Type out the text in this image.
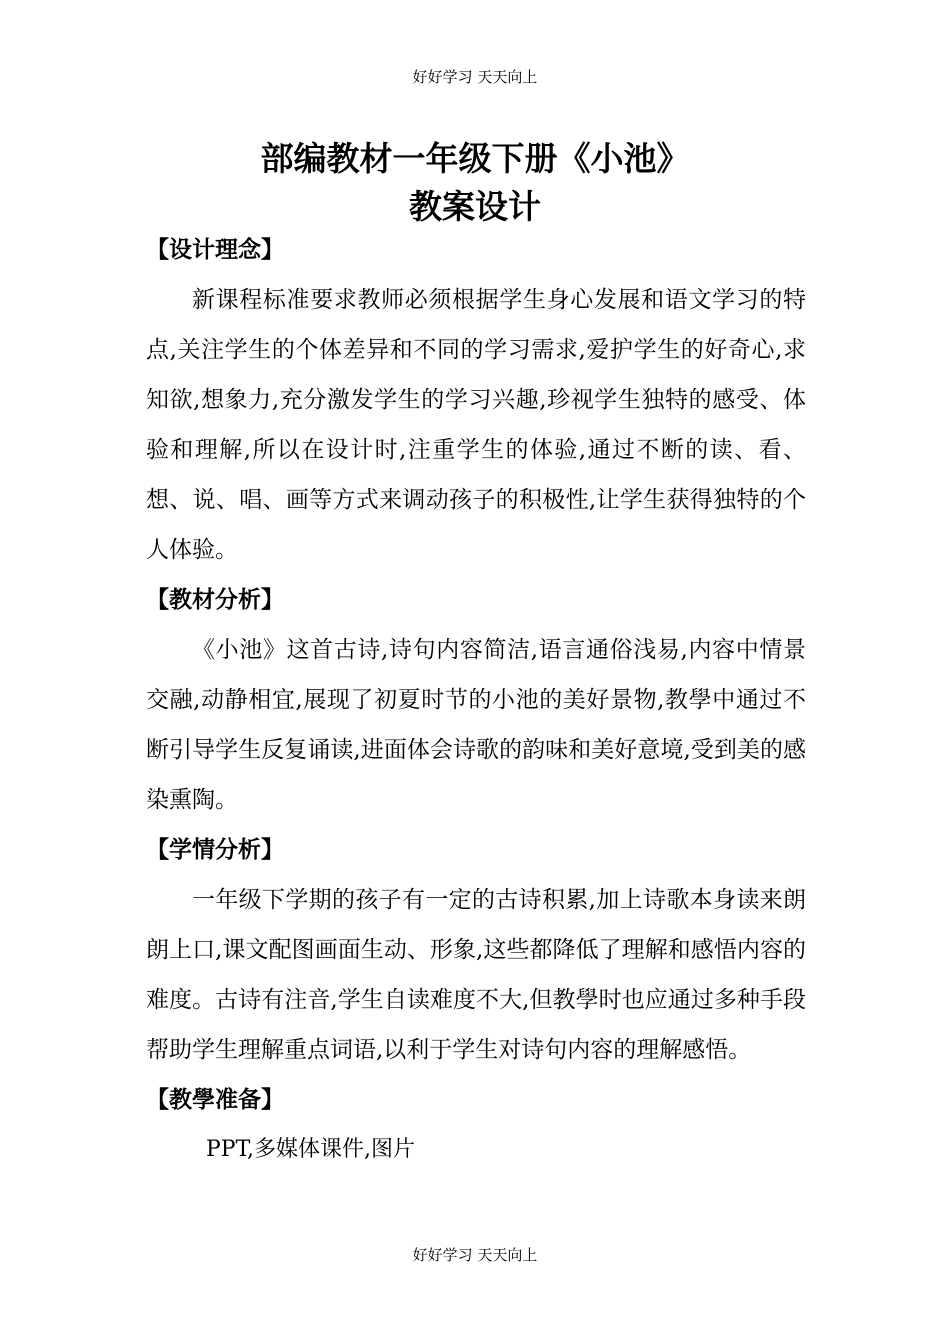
好好学习 天天向上
部编教材一年级下册《小池》
教案设计
【设计理念】
新课程标准要求教师必须根据学生身心发展和语文学习的特点,关注学生的个体差异和不同的学习需求,爱护学生的好奇心,求知欲,想象力,充分激发学生的学习兴趣,珍视学生独特的感受、体验和理解,所以在设计时,注重学生的体验,通过不断的读、看、想、说、唱、画等方式来调动孩子的积极性,让学生获得独特的个人体验。
【教材分析】
《小池》这首古诗,诗句内容简洁,语言通俗浅易,内容中情景交融,动静相宜,展现了初夏时节的小池的美好景物,教學中通过不断引导学生反复诵读,进面体会诗歌的韵味和美好意境,受到美的感染熏陶。
【学情分析】
一年级下学期的孩子有一定的古诗积累,加上诗歌本身读来朗朗上口,课文配图画面生动、形象,这些都降低了理解和感悟内容的难度。古诗有注音,学生自读难度不大,但教學时也应通过多种手段帮助学生理解重点词语,以利于学生对诗句内容的理解感悟。
【教學准备】
PPT,多媒体课件,图片
好好学习 天天向上
